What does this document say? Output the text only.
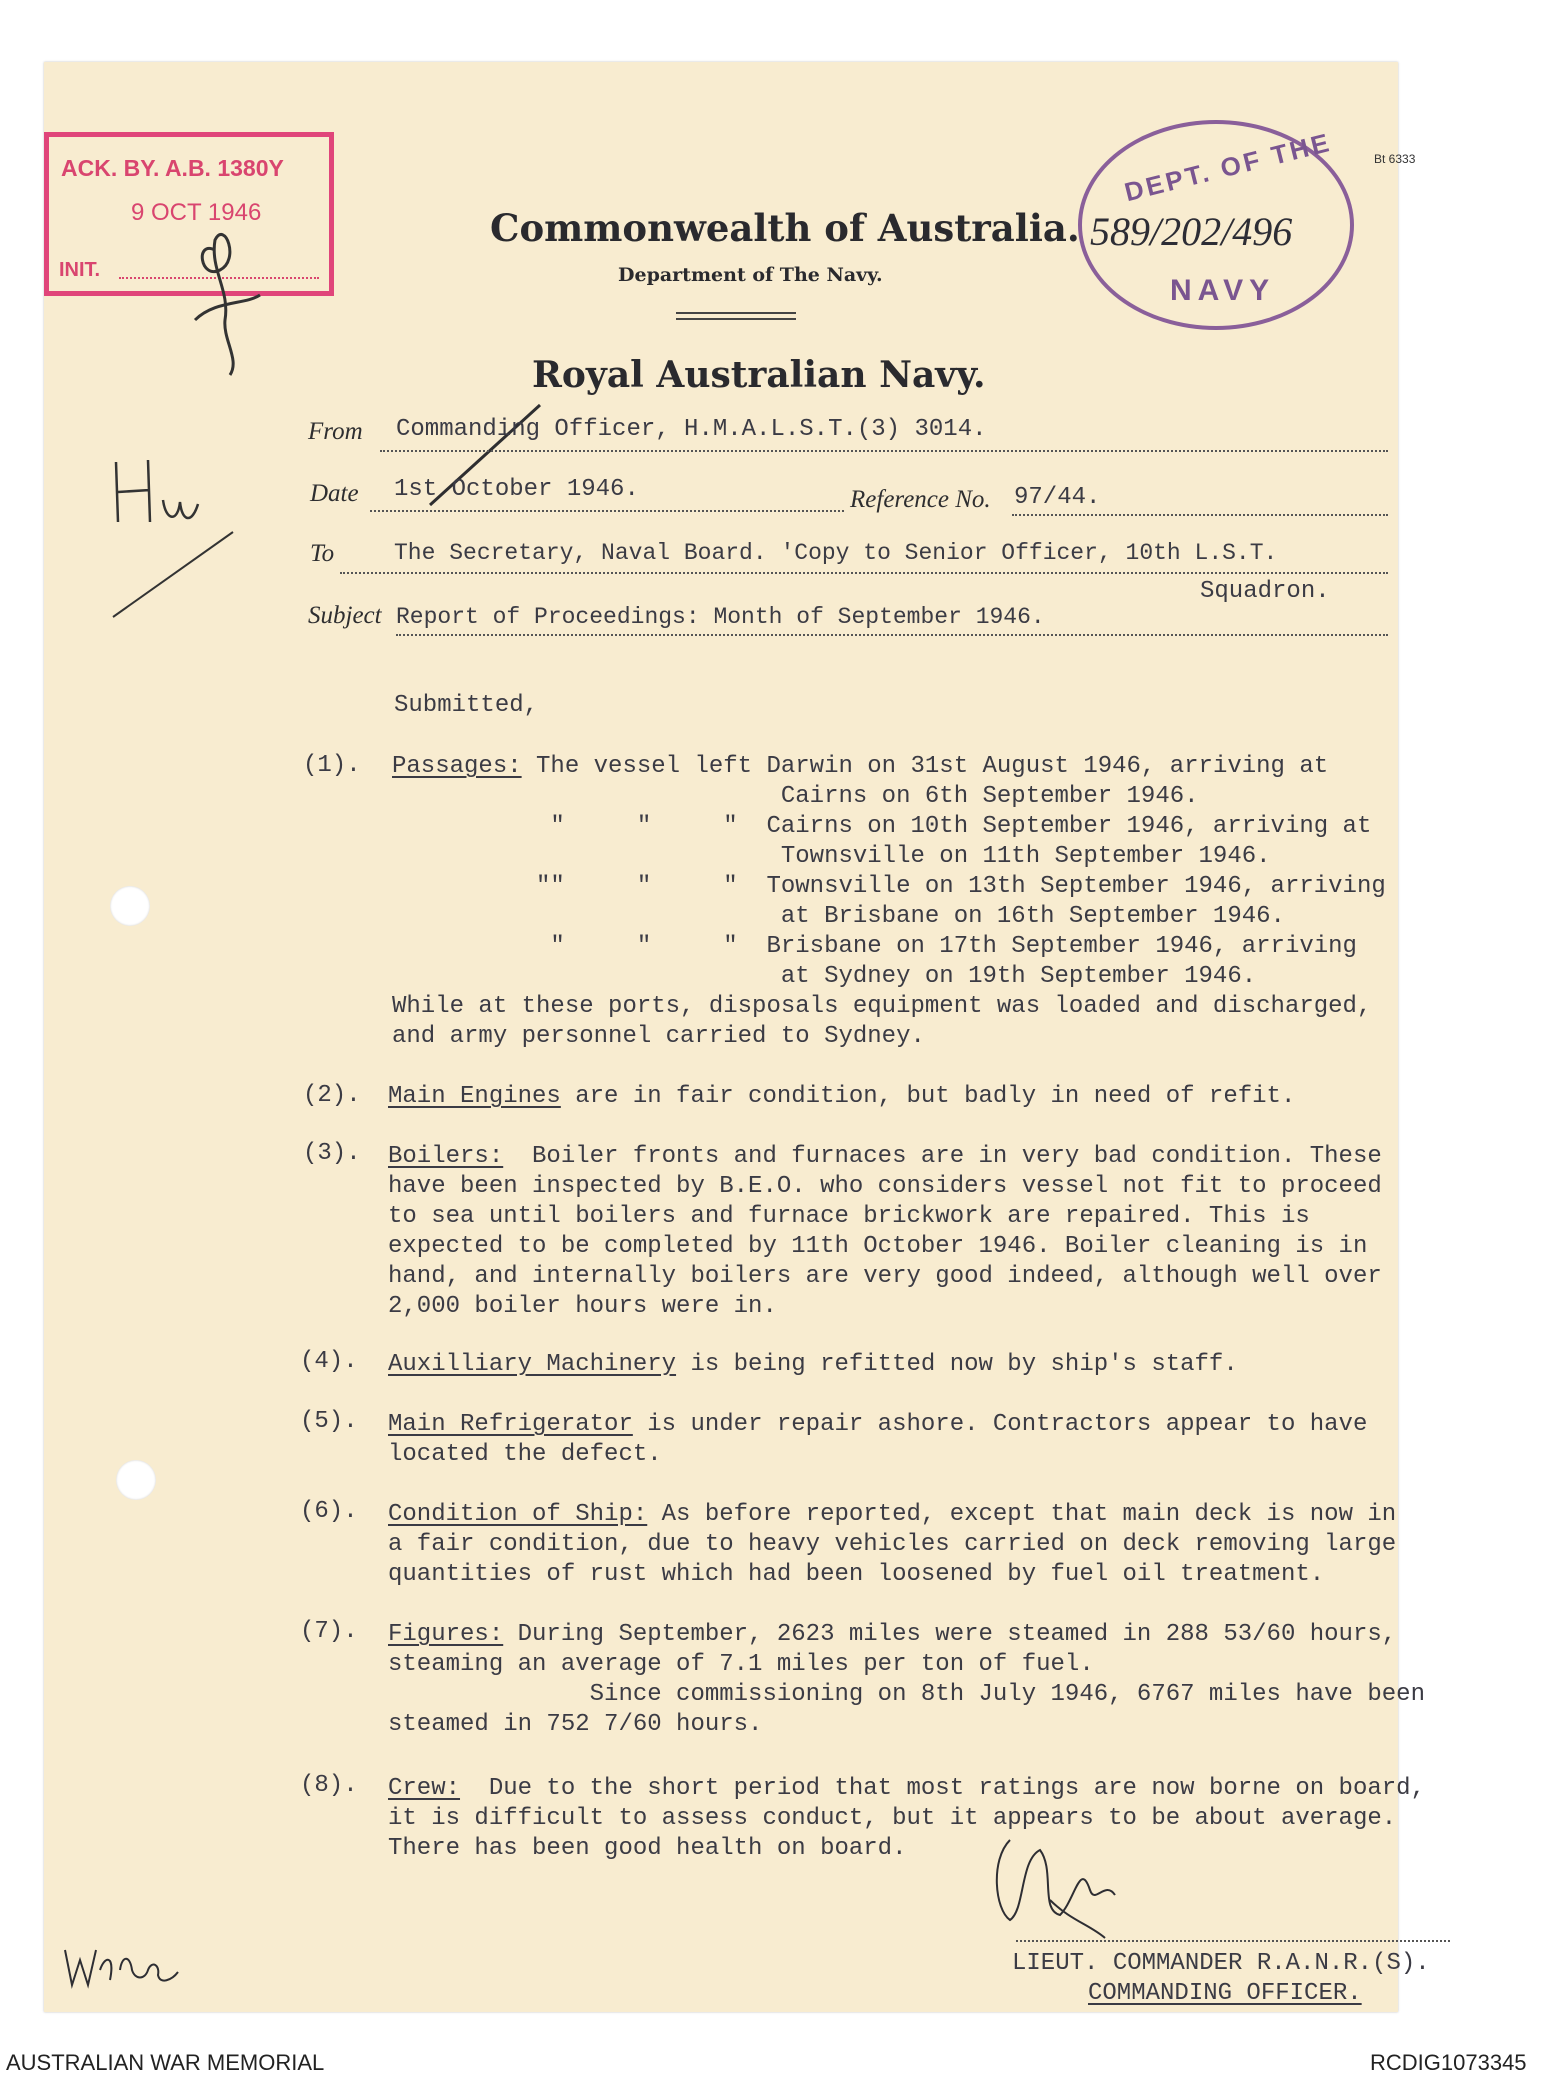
ACK. BY. A.B. 1380Y
9 OCT 1946
INIT.
DEPT. OF THE
589/202/496
NAVY
Bt 6333
Commonwealth of Australia.
Department of The Navy.
Royal Australian Navy.
From Commanding Officer, H.M.A.L.S.T.(3) 3014.
Date 1st October 1946.	Reference No. 97/44.
To	The Secretary, Naval Board. 'Copy to Senior Officer, 10th L.S.T.
Squadron.
Subject Report of Proceedings: Month of September 1946.
Submitted,
(1). Passages: The vessel left Darwin on 31st August 1946, arriving at
Cairns on 6th September 1946.
"     "     "  Cairns on 10th September 1946, arriving at
Townsville on 11th September 1946.
""     "     "  Townsville on 13th September 1946, arriving
at Brisbane on 16th September 1946.
"     "     "  Brisbane on 17th September 1946, arriving
at Sydney on 19th September 1946.
While at these ports, disposals equipment was loaded and discharged,
and army personnel carried to Sydney.
(2). Main Engines are in fair condition, but badly in need of refit.
(3). Boilers:  Boiler fronts and furnaces are in very bad condition. These
have been inspected by B.E.O. who considers vessel not fit to proceed
to sea until boilers and furnace brickwork are repaired. This is
expected to be completed by 11th October 1946. Boiler cleaning is in
hand, and internally boilers are very good indeed, although well over
2,000 boiler hours were in.
(4). Auxilliary Machinery is being refitted now by ship's staff.
(5). Main Refrigerator is under repair ashore. Contractors appear to have
located the defect.
(6). Condition of Ship: As before reported, except that main deck is now in
a fair condition, due to heavy vehicles carried on deck removing large
quantities of rust which had been loosened by fuel oil treatment.
(7). Figures: During September, 2623 miles were steamed in 288 53/60 hours,
steaming an average of 7.1 miles per ton of fuel.
Since commissioning on 8th July 1946, 6767 miles have been
steamed in 752 7/60 hours.
(8). Crew:  Due to the short period that most ratings are now borne on board,
it is difficult to assess conduct, but it appears to be about average.
There has been good health on board.
LIEUT. COMMANDER R.A.N.R.(S).
COMMANDING OFFICER.
AUSTRALIAN WAR MEMORIAL	RCDIG1073345
